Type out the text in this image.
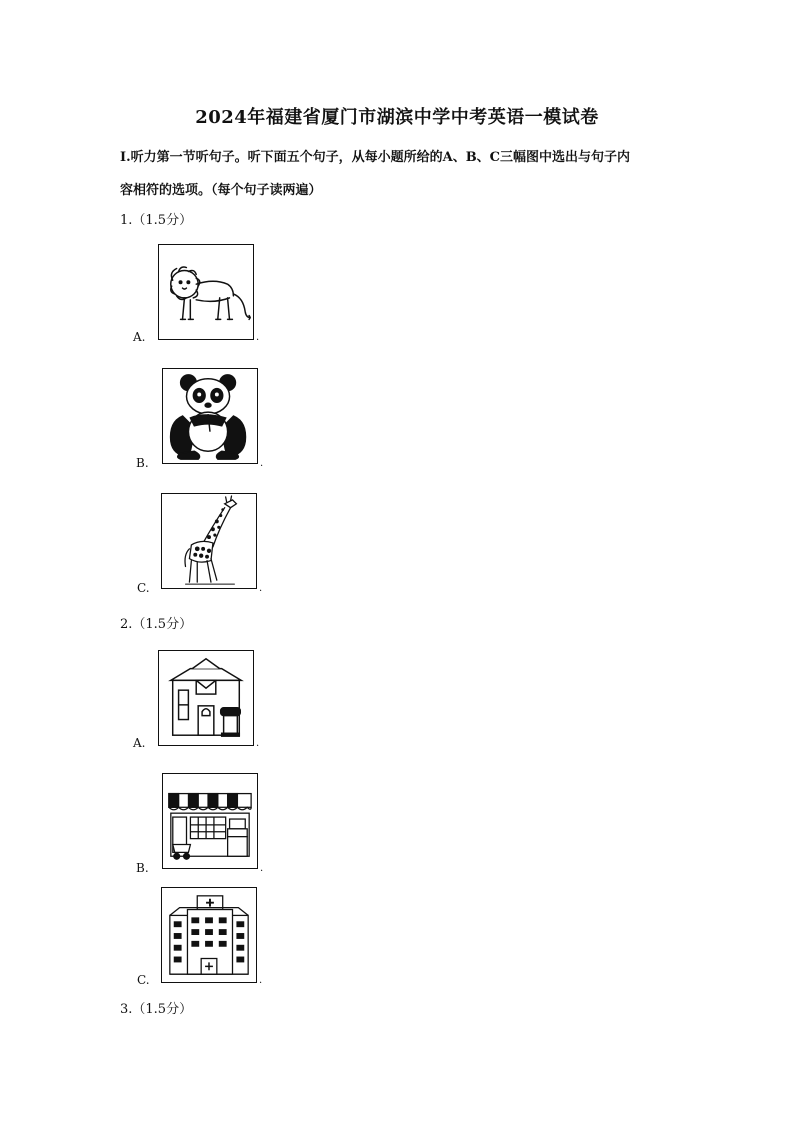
2024年福建省厦门市湖滨中学中考英语一模试卷
Ⅰ.听力第一节听句子。听下面五个句子，从每小题所给的A、B、C三幅图中选出与句子内
容相符的选项。（每个句子读两遍）
1.（1.5分）
A.	.
B.	.
C.	.
2.（1.5分）
A.	.
B.	.
C.	.
3.（1.5分）
